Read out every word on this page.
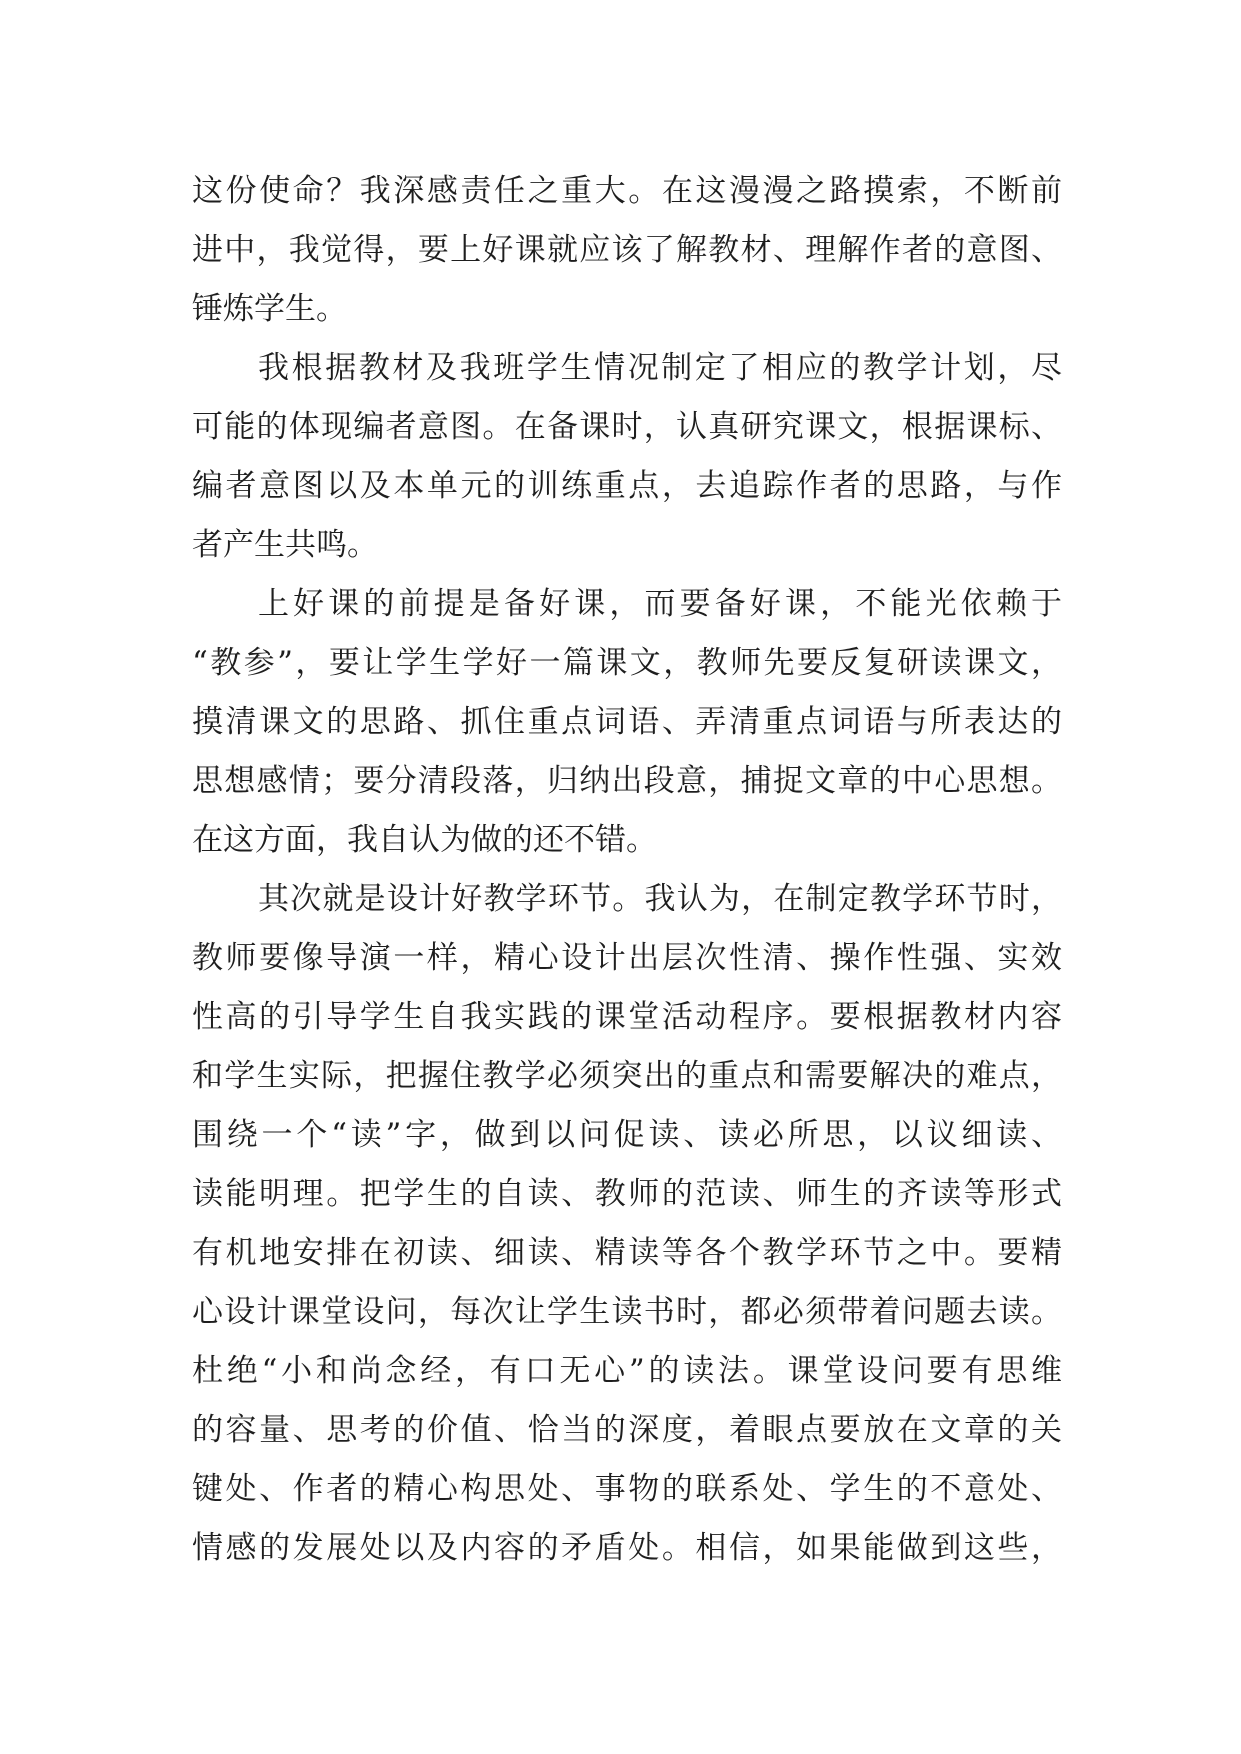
这份使命？我深感责任之重大。在这漫漫之路摸索，不断前
进中，我觉得，要上好课就应该了解教材、理解作者的意图、
锤炼学生。
我根据教材及我班学生情况制定了相应的教学计划，尽
可能的体现编者意图。在备课时，认真研究课文，根据课标、
编者意图以及本单元的训练重点，去追踪作者的思路，与作
者产生共鸣。
上好课的前提是备好课，而要备好课，不能光依赖于
“教参”，要让学生学好一篇课文，教师先要反复研读课文，
摸清课文的思路、抓住重点词语、弄清重点词语与所表达的
思想感情；要分清段落，归纳出段意，捕捉文章的中心思想。
在这方面，我自认为做的还不错。
其次就是设计好教学环节。我认为，在制定教学环节时，
教师要像导演一样，精心设计出层次性清、操作性强、实效
性高的引导学生自我实践的课堂活动程序。要根据教材内容
和学生实际，把握住教学必须突出的重点和需要解决的难点，
围绕一个“读”字，做到以问促读、读必所思，以议细读、
读能明理。把学生的自读、教师的范读、师生的齐读等形式
有机地安排在初读、细读、精读等各个教学环节之中。要精
心设计课堂设问，每次让学生读书时，都必须带着问题去读。
杜绝“小和尚念经，有口无心”的读法。课堂设问要有思维
的容量、思考的价值、恰当的深度，着眼点要放在文章的关
键处、作者的精心构思处、事物的联系处、学生的不意处、
情感的发展处以及内容的矛盾处。相信，如果能做到这些，
